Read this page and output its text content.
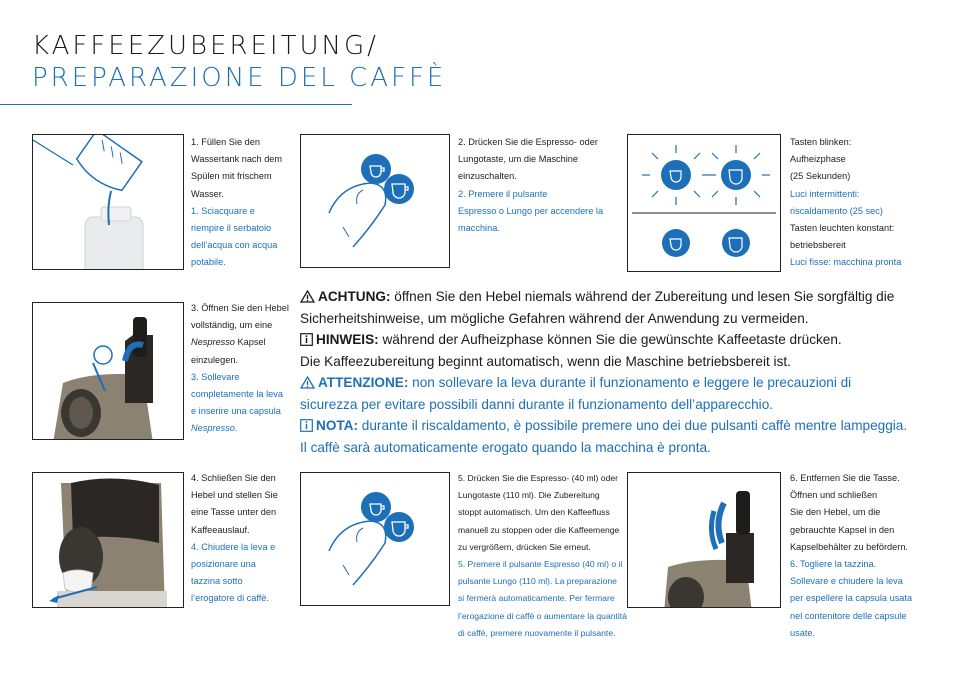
KAFFEEZUBEREITUNG/
PREPARAZIONE DEL CAFFÈ
1. Füllen Sie den
Wassertank nach dem
Spülen mit frischem
Wasser.
1. Sciacquare e
riempire il serbatoio
dell’acqua con acqua
potabile.
2. Drücken Sie die Espresso- oder
Lungotaste, um die Maschine
einzuschalten.
2. Premere il pulsante
Espresso o Lungo per accendere la
macchina.
Tasten blinken:
Aufheizphase
(25 Sekunden)
Luci intermittenti:
riscaldamento (25 sec)
Tasten leuchten konstant:
betriebsbereit
Luci fisse: macchina pronta
3. Öffnen Sie den Hebel
vollständig, um eine
Nespresso Kapsel
einzulegen.
3. Sollevare
completamente la leva
e inserire una capsula
Nespresso.

ACHTUNG: öffnen Sie den Hebel niemals während der Zubereitung und lesen Sie sorgfältig die Sicherheitshinweise, um mögliche Gefahren während der Anwendung zu vermeiden.

HINWEIS: während der Aufheizphase können Sie die gewünschte Kaffeetaste drücken.
Die Kaffeezubereitung beginnt automatisch, wenn die Maschine betriebsbereit ist.

ATTENZIONE: non sollevare la leva durante il funzionamento e leggere le precauzioni di sicurezza per evitare possibili danni durante il funzionamento dell’apparecchio.

NOTA: durante il riscaldamento, è possibile premere uno dei due pulsanti caffè mentre lampeggia. Il caffè sarà automaticamente erogato quando la macchina è pronta.

4. Schließen Sie den
Hebel und stellen Sie
eine Tasse unter den
Kaffeeauslauf.
4. Chiudere la leva e
posizionare una
tazzina sotto
l’erogatore di caffè.
5. Drücken Sie die Espresso- (40 ml) oder
Lungotaste (110 ml). Die Zubereitung
stoppt automatisch. Um den Kaffeefluss
manuell zu stoppen oder die Kaffeemenge
zu vergrößern, drücken Sie erneut.
5. Premere il pulsante Espresso (40 ml) o il
pulsante Lungo (110 ml). La preparazione
si fermerà automaticamente. Per fermare
l’erogazione di caffè o aumentare la quantità
di caffè, premere nuovamente il pulsante.
6. Entfernen Sie die Tasse.
Öffnen und schließen
Sie den Hebel, um die
gebrauchte Kapsel in den
Kapselbehälter zu befördern.
6. Togliere la tazzina.
Sollevare e chiudere la leva
per espellere la capsula usata
nel contenitore delle capsule
usate.
